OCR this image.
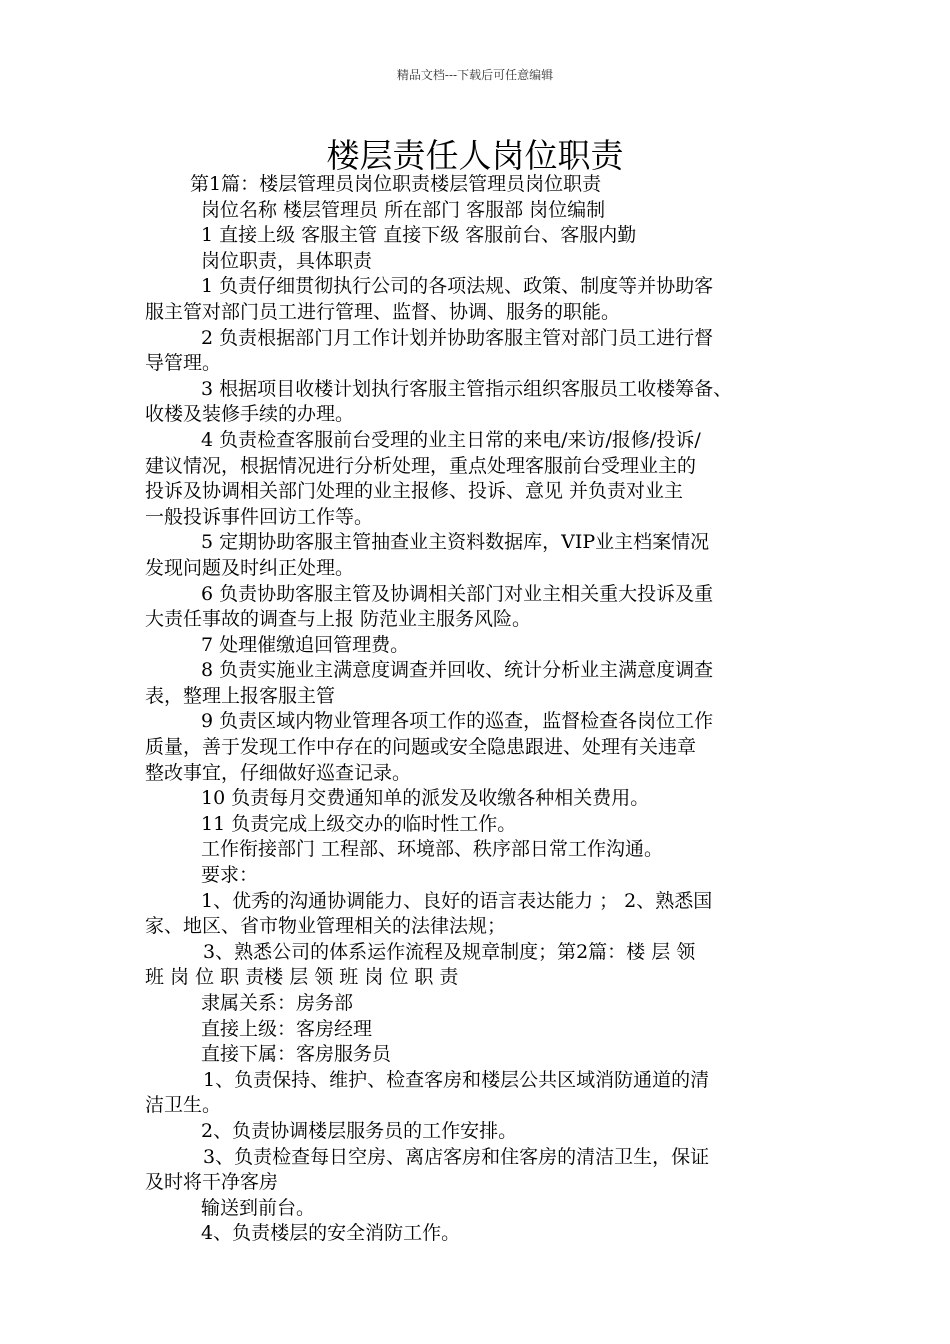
精品文档---下载后可任意编辑
楼层责任人岗位职责
第1篇：楼层管理员岗位职责楼层管理员岗位职责
岗位名称 楼层管理员 所在部门 客服部 岗位编制
1 直接上级 客服主管 直接下级 客服前台、客服内勤
岗位职责，具体职责
1 负责仔细贯彻执行公司的各项法规、政策、制度等并协助客
服主管对部门员工进行管理、监督、协调、服务的职能。
2 负责根据部门月工作计划并协助客服主管对部门员工进行督
导管理。
3 根据项目收楼计划执行客服主管指示组织客服员工收楼筹备、
收楼及装修手续的办理。
4 负责检查客服前台受理的业主日常的来电/来访/报修/投诉/
建议情况，根据情况进行分析处理，重点处理客服前台受理业主的
投诉及协调相关部门处理的业主报修、投诉、意见 并负责对业主
一般投诉事件回访工作等。
5 定期协助客服主管抽查业主资料数据库，VIP业主档案情况
发现问题及时纠正处理。
6 负责协助客服主管及协调相关部门对业主相关重大投诉及重
大责任事故的调查与上报 防范业主服务风险。
7 处理催缴追回管理费。
8 负责实施业主满意度调查并回收、统计分析业主满意度调查
表，整理上报客服主管
9 负责区域内物业管理各项工作的巡查，监督检查各岗位工作
质量，善于发现工作中存在的问题或安全隐患跟进、处理有关违章
整改事宜，仔细做好巡查记录。
10 负责每月交费通知单的派发及收缴各种相关费用。
11 负责完成上级交办的临时性工作。
工作衔接部门 工程部、环境部、秩序部日常工作沟通。
要求：
1、优秀的沟通协调能力、良好的语言表达能力 ； 2、熟悉国
家、地区、省市物业管理相关的法律法规；
3、熟悉公司的体系运作流程及规章制度；第2篇：楼 层 领
班 岗 位 职 责楼 层 领 班 岗 位 职 责
隶属关系：房务部
直接上级：客房经理
直接下属：客房服务员
1、负责保持、维护、检查客房和楼层公共区域消防通道的清
洁卫生。
2、负责协调楼层服务员的工作安排。
3、负责检查每日空房、离店客房和住客房的清洁卫生，保证
及时将干净客房
输送到前台。
4、负责楼层的安全消防工作。
